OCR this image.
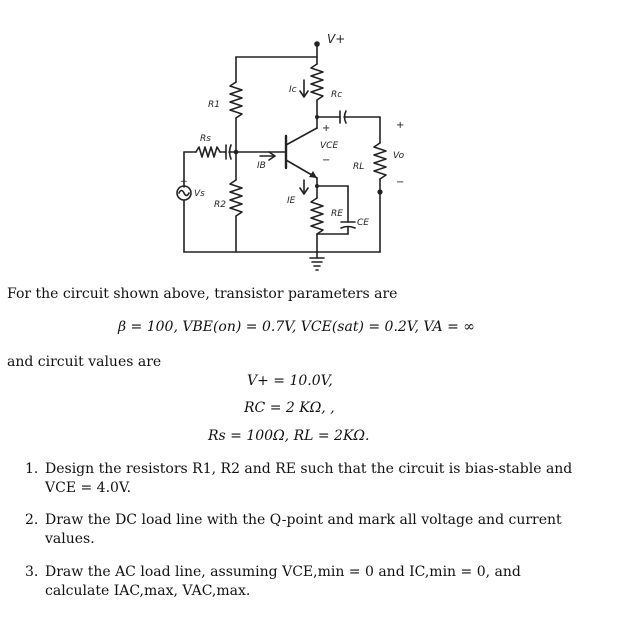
V+
R1
Rs
R2
Ic	Rc
+
VCE
−
IB
IE
RL
RE
CE
Vs
+
+
Vo
−
For the circuit shown above, transistor parameters are
β = 100, VBE(on) = 0.7V, VCE(sat) = 0.2V, VA = ∞
and circuit values are
V+ = 10.0V,
RC = 2 KΩ, ,
Rs = 100Ω, RL = 2KΩ.
1. Design the resistors R1, R2 and RE such that the circuit is bias-stable and VCE = 4.0V.
2. Draw the DC load line with the Q-point and mark all voltage and current values.
3. Draw the AC load line, assuming VCE,min = 0 and IC,min = 0, and calculate IAC,max, VAC,max.
